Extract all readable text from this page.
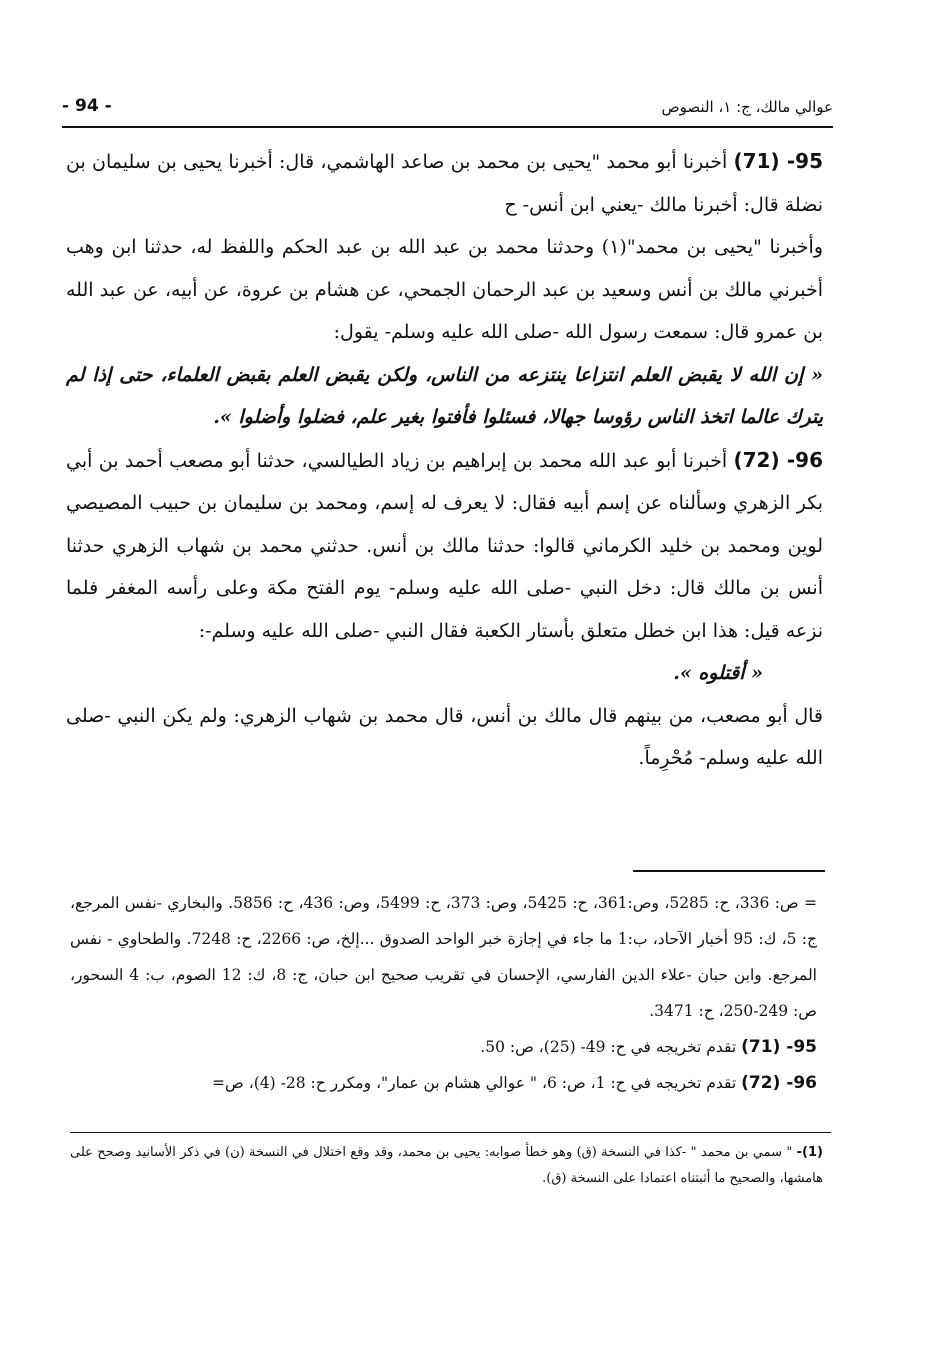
عوالي مالك، ج: ١، النصوص
- 94 -

95- (71) أخبرنا أبو محمد "يحيى بن محمد بن صاعد الهاشمي، قال: أخبرنا يحيى بن سليمان بن نضلة قال: أخبرنا مالك -يعني ابن أنس- ح

وأخبرنا "يحيى بن محمد"(١) وحدثنا محمد بن عبد الله بن عبد الحكم واللفظ له، حدثنا ابن وهب أخبرني مالك بن أنس وسعيد بن عبد الرحمان الجمحي، عن هشام بن عروة، عن أبيه، عن عبد الله بن عمرو قال: سمعت رسول الله -صلى الله عليه وسلم- يقول:

« إن الله لا يقبض العلم انتزاعا ينتزعه من الناس، ولكن يقبض العلم بقبض العلماء، حتى إذا لم يترك عالما اتخذ الناس رؤوسا جهالا، فسئلوا فأفتوا بغير علم، فضلوا وأضلوا ».

96- (72) أخبرنا أبو عبد الله محمد بن إبراهيم بن زياد الطيالسي، حدثنا أبو مصعب أحمد بن أبي بكر الزهري وسألناه عن إسم أبيه فقال: لا يعرف له إسم، ومحمد بن سليمان بن حبيب المصيصي لوين ومحمد بن خليد الكرماني قالوا: حدثنا مالك بن أنس. حدثني محمد بن شهاب الزهري حدثنا أنس بن مالك قال: دخل النبي -صلى الله عليه وسلم- يوم الفتح مكة وعلى رأسه المغفر فلما نزعه قيل: هذا ابن خطل متعلق بأستار الكعبة فقال النبي -صلى الله عليه وسلم-:

« أقتلوه ».

قال أبو مصعب، من بينهم قال مالك بن أنس، قال محمد بن شهاب الزهري: ولم يكن النبي -صلى الله عليه وسلم- مُحْرِماً.

= ص: 336، ح: 5285، وص:361، ح: 5425، وص: 373، ح: 5499، وص: 436، ح: 5856. والبخاري -نفس المرجع، ج: 5، ك: 95 أخبار الآحاد، ب:1 ما جاء في إجازة خبر الواحد الصدوق ...إلخ، ص: 2266، ح: 7248. والطحاوي - نفس المرجع. وابن حبان -علاء الدين الفارسي، الإحسان في تقريب صحيح ابن حبان، ج: 8، ك: 12 الصوم، ب: 4 السحور، ص: 249-250، ح: 3471.

95- (71) تقدم تخريجه في ح: 49- (25)، ص: 50.

96- (72) تقدم تخريجه في ح: 1، ص: 6، " عوالي هشام بن عمار"، ومكرر ح: 28- (4)، ص=

(1)- " سمي بن محمد " -كذا في النسخة (ق) وهو خطأ صوابه: يحيى بن محمد، وقد وقع اختلال في النسخة (ن) في ذكر الأسانيد وصحح على هامشها، والصحيح ما أثبتناه اعتمادا على النسخة (ق).
